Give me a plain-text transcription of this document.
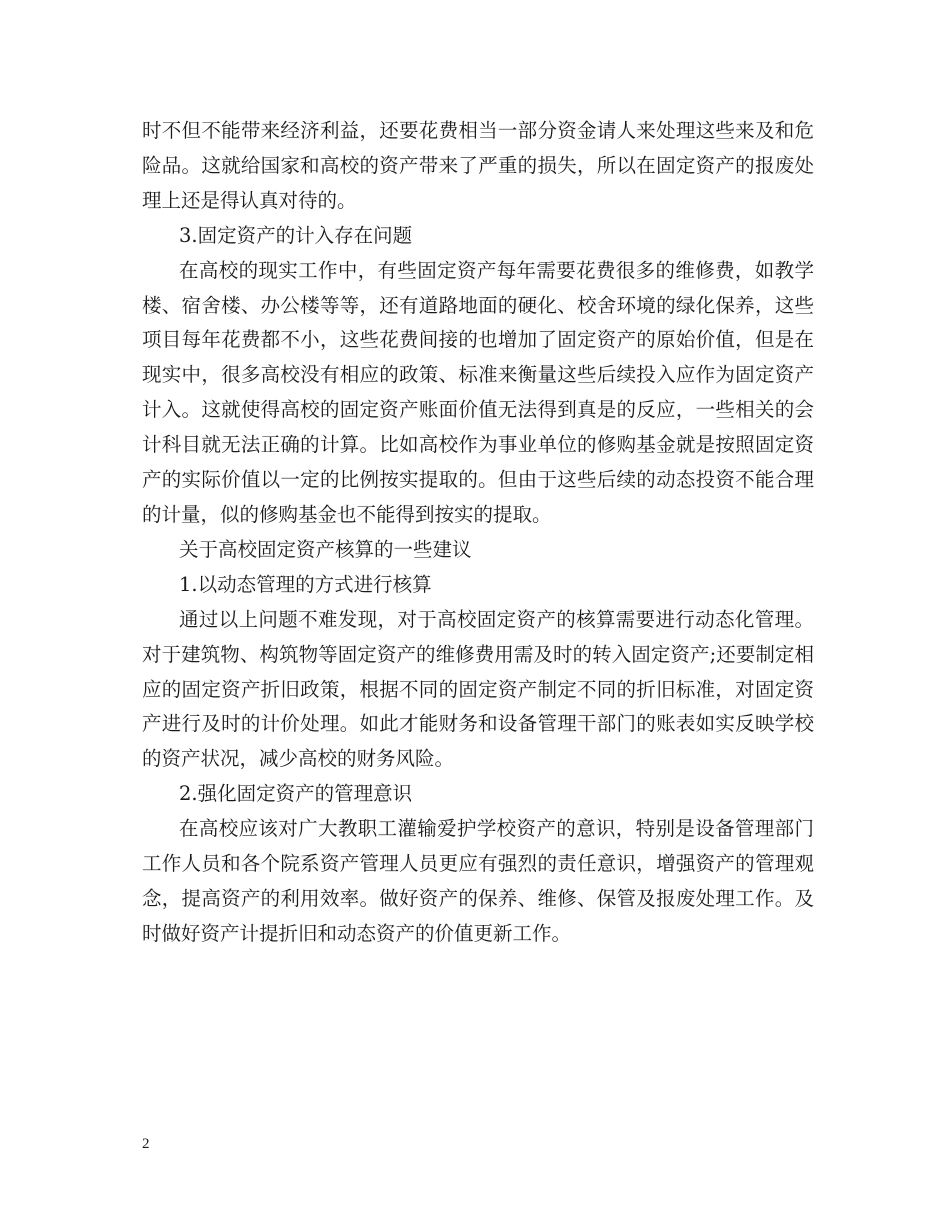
时不但不能带来经济利益，还要花费相当一部分资金请人来处理这些来及和危险品。这就给国家和高校的资产带来了严重的损失，所以在固定资产的报废处理上还是得认真对待的。

3.固定资产的计入存在问题

在高校的现实工作中，有些固定资产每年需要花费很多的维修费，如教学楼、宿舍楼、办公楼等等，还有道路地面的硬化、校舍环境的绿化保养，这些项目每年花费都不小，这些花费间接的也增加了固定资产的原始价值，但是在现实中，很多高校没有相应的政策、标准来衡量这些后续投入应作为固定资产计入。这就使得高校的固定资产账面价值无法得到真是的反应，一些相关的会计科目就无法正确的计算。比如高校作为事业单位的修购基金就是按照固定资产的实际价值以一定的比例按实提取的。但由于这些后续的动态投资不能合理的计量，似的修购基金也不能得到按实的提取。

关于高校固定资产核算的一些建议

1.以动态管理的方式进行核算

通过以上问题不难发现，对于高校固定资产的核算需要进行动态化管理。对于建筑物、构筑物等固定资产的维修费用需及时的转入固定资产;还要制定相应的固定资产折旧政策，根据不同的固定资产制定不同的折旧标准，对固定资产进行及时的计价处理。如此才能财务和设备管理干部门的账表如实反映学校的资产状况，减少高校的财务风险。

2.强化固定资产的管理意识

在高校应该对广大教职工灌输爱护学校资产的意识，特别是设备管理部门工作人员和各个院系资产管理人员更应有强烈的责任意识，增强资产的管理观念，提高资产的利用效率。做好资产的保养、维修、保管及报废处理工作。及时做好资产计提折旧和动态资产的价值更新工作。

2
